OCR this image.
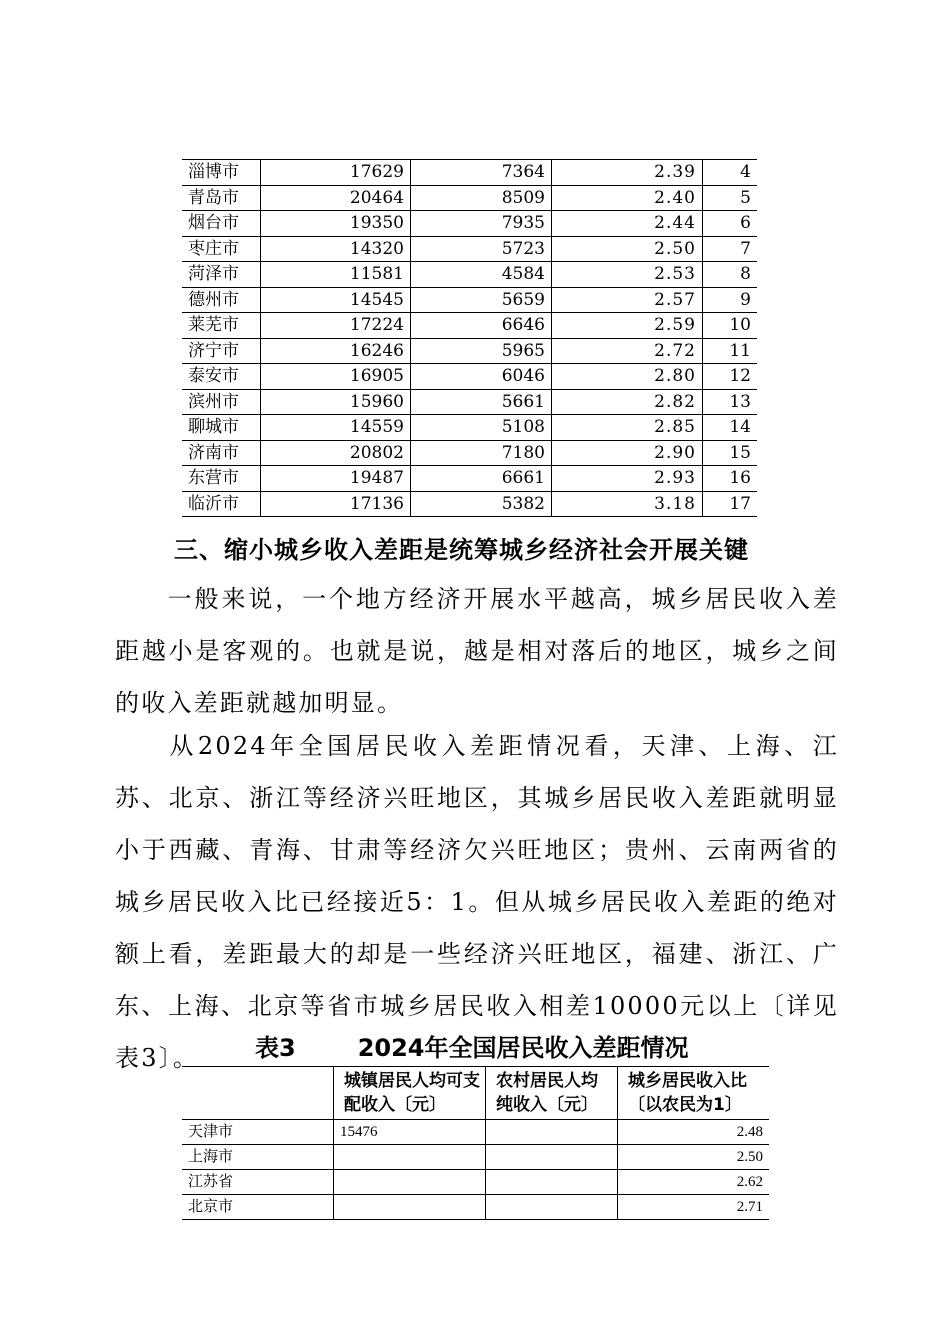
淄博市	17629	7364	2.39	4
青岛市	20464	8509	2.40	5
烟台市	19350	7935	2.44	6
枣庄市	14320	5723	2.50	7
菏泽市	11581	4584	2.53	8
德州市	14545	5659	2.57	9
莱芜市	17224	6646	2.59	10
济宁市	16246	5965	2.72	11
泰安市	16905	6046	2.80	12
滨州市	15960	5661	2.82	13
聊城市	14559	5108	2.85	14
济南市	20802	7180	2.90	15
东营市	19487	6661	2.93	16
临沂市	17136	5382	3.18	17
三、缩小城乡收入差距是统筹城乡经济社会开展关键

一般来说，一个地方经济开展水平越高，城乡居民收入差距越小是客观的。也就是说，越是相对落后的地区，城乡之间的收入差距就越加明显。

从2024年全国居民收入差距情况看，天津、上海、江苏、北京、浙江等经济兴旺地区，其城乡居民收入差距就明显小于西藏、青海、甘肃等经济欠兴旺地区；贵州、云南两省的城乡居民收入比已经接近5：1。但从城乡居民收入差距的绝对额上看，差距最大的却是一些经济兴旺地区，福建、浙江、广东、上海、北京等省市城乡居民收入相差10000元以上〔详见表3〕。	表3	2024年全国居民收入差距情况

	城镇居民人均可支配收入〔元〕	农村居民人均纯收入〔元〕	城乡居民收入比〔以农民为1〕
天津市	15476		2.48
上海市			2.50
江苏省			2.62
北京市			2.71
